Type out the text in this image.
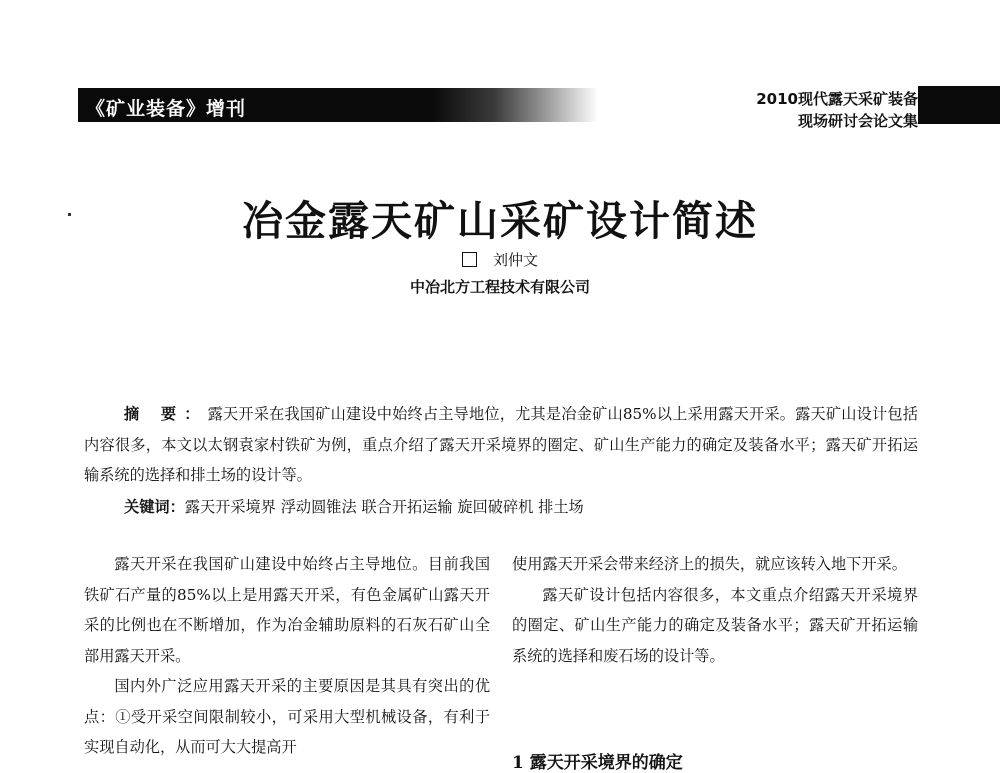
《矿业装备》增刊	2010现代露天采矿装备
现场研讨会论文集
冶金露天矿山采矿设计简述
刘仲文
中冶北方工程技术有限公司
摘 要：露天开采在我国矿山建设中始终占主导地位，尤其是冶金矿山85%以上采用露天开采。露天矿山设计包括内容很多，本文以太钢袁家村铁矿为例，重点介绍了露天开采境界的圈定、矿山生产能力的确定及装备水平；露天矿开拓运输系统的选择和排土场的设计等。
关键词：露天开采境界 浮动圆锥法 联合开拓运输 旋回破碎机 排土场

露天开采在我国矿山建设中始终占主导地位。目前我国铁矿石产量的85%以上是用露天开采，有色金属矿山露天开采的比例也在不断增加，作为冶金辅助原料的石灰石矿山全部用露天开采。

国内外广泛应用露天开采的主要原因是其具有突出的优点：①受开采空间限制较小，可采用大型机械设备，有利于实现自动化，从而可大大提高开

使用露天开采会带来经济上的损失，就应该转入地下开采。

露天矿设计包括内容很多，本文重点介绍露天开采境界的圈定、矿山生产能力的确定及装备水平；露天矿开拓运输系统的选择和废石场的设计等。

1 露天开采境界的确定
